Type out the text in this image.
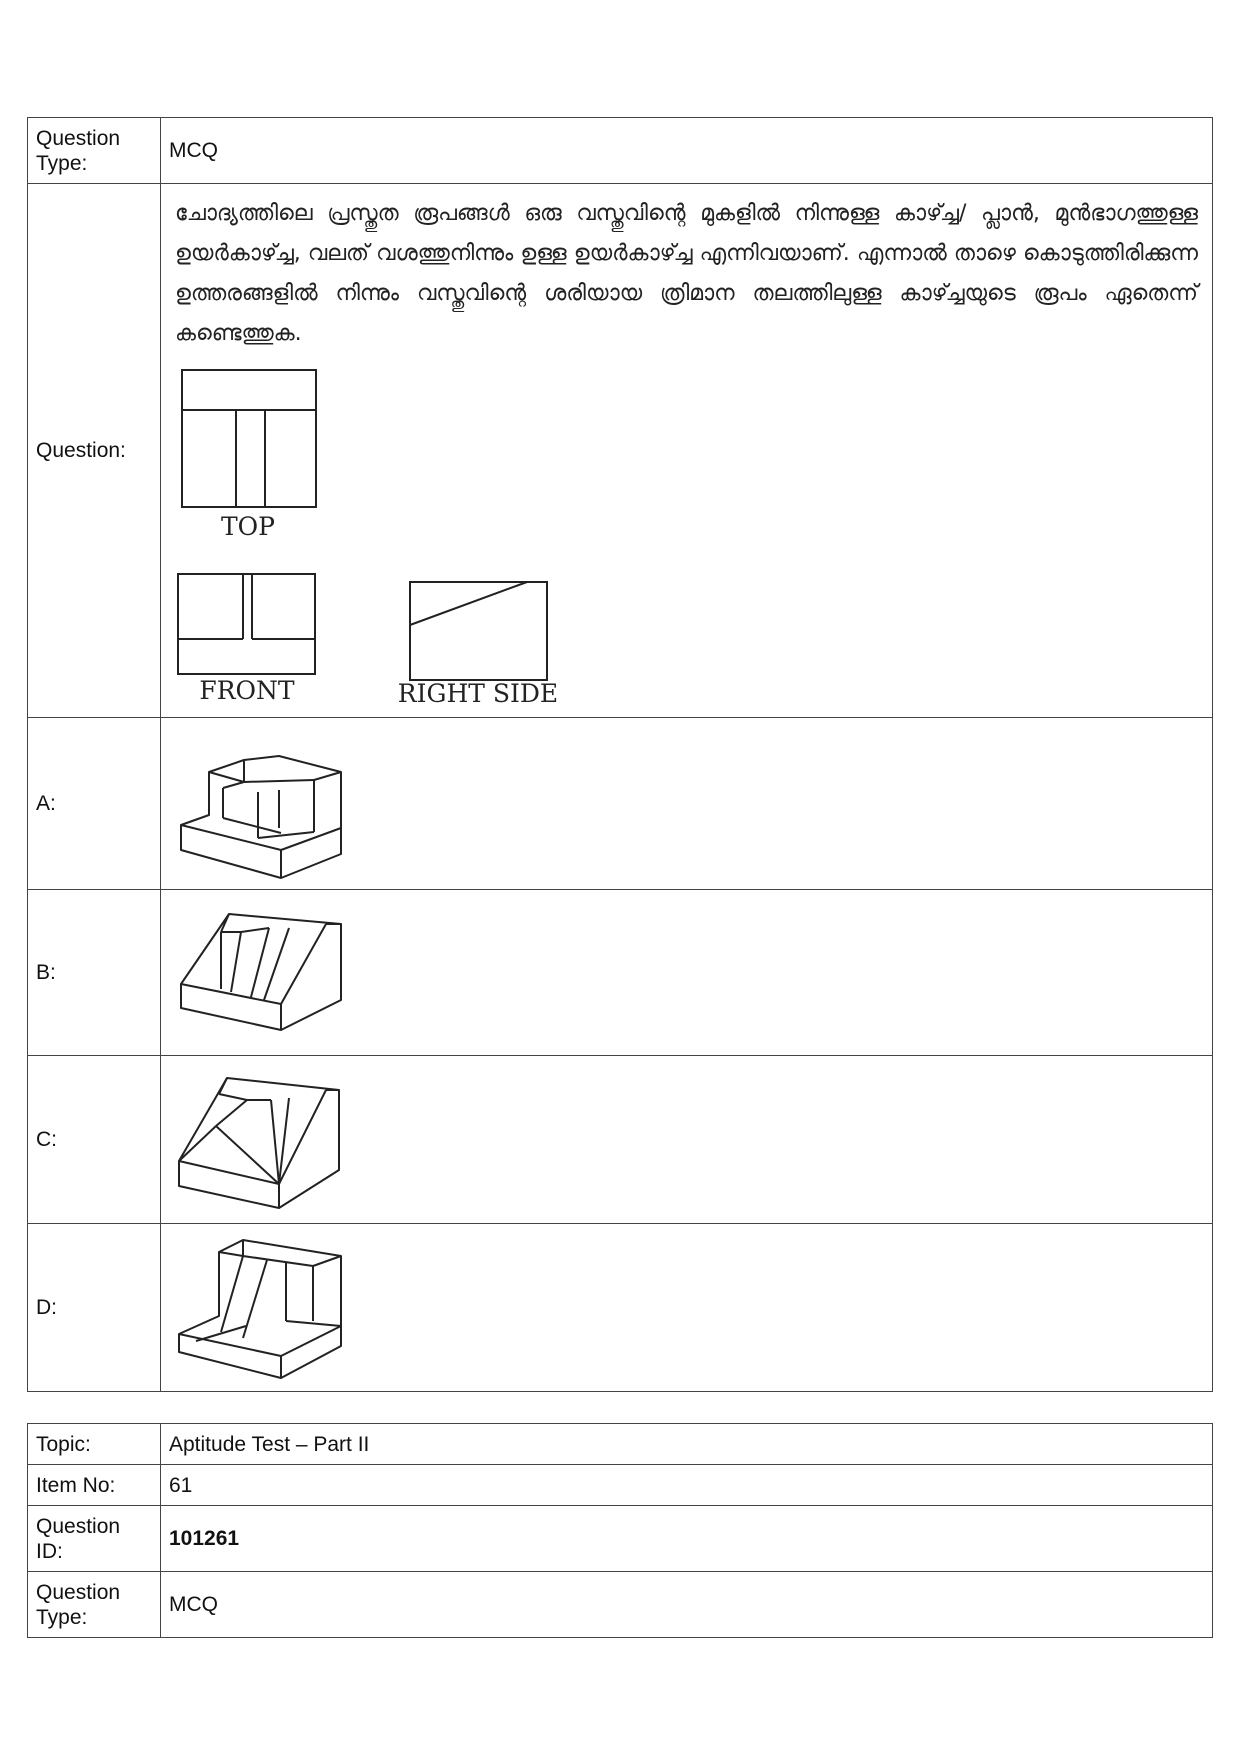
Question Type:	MCQ
Question:	ചോദ്യത്തിലെ പ്രസ്തുത രൂപങ്ങൾ ഒരു വസ്തുവിന്റെ മുകളിൽ നിന്നുള്ള കാഴ്ച്ച/ പ്ലാൻ, മുൻഭാഗത്തുള്ള ഉയർകാഴ്ച്ച, വലത് വശത്തുനിന്നും ഉള്ള ഉയർകാഴ്ച്ച എന്നിവയാണ്. എന്നാൽ താഴെ കൊടുത്തിരിക്കുന്ന ഉത്തരങ്ങളിൽ നിന്നും വസ്തുവിന്റെ ശരിയായ ത്രിമാന തലത്തിലുള്ള കാഴ്ച്ചയുടെ രൂപം ഏതെന്ന് കണ്ടെത്തുക.
TOP
FRONT RIGHT SIDE

A:	

B:	

C:	

D:	
Topic:	Aptitude Test – Part II
Item No:	61
Question ID:	101261
Question Type:	MCQ
